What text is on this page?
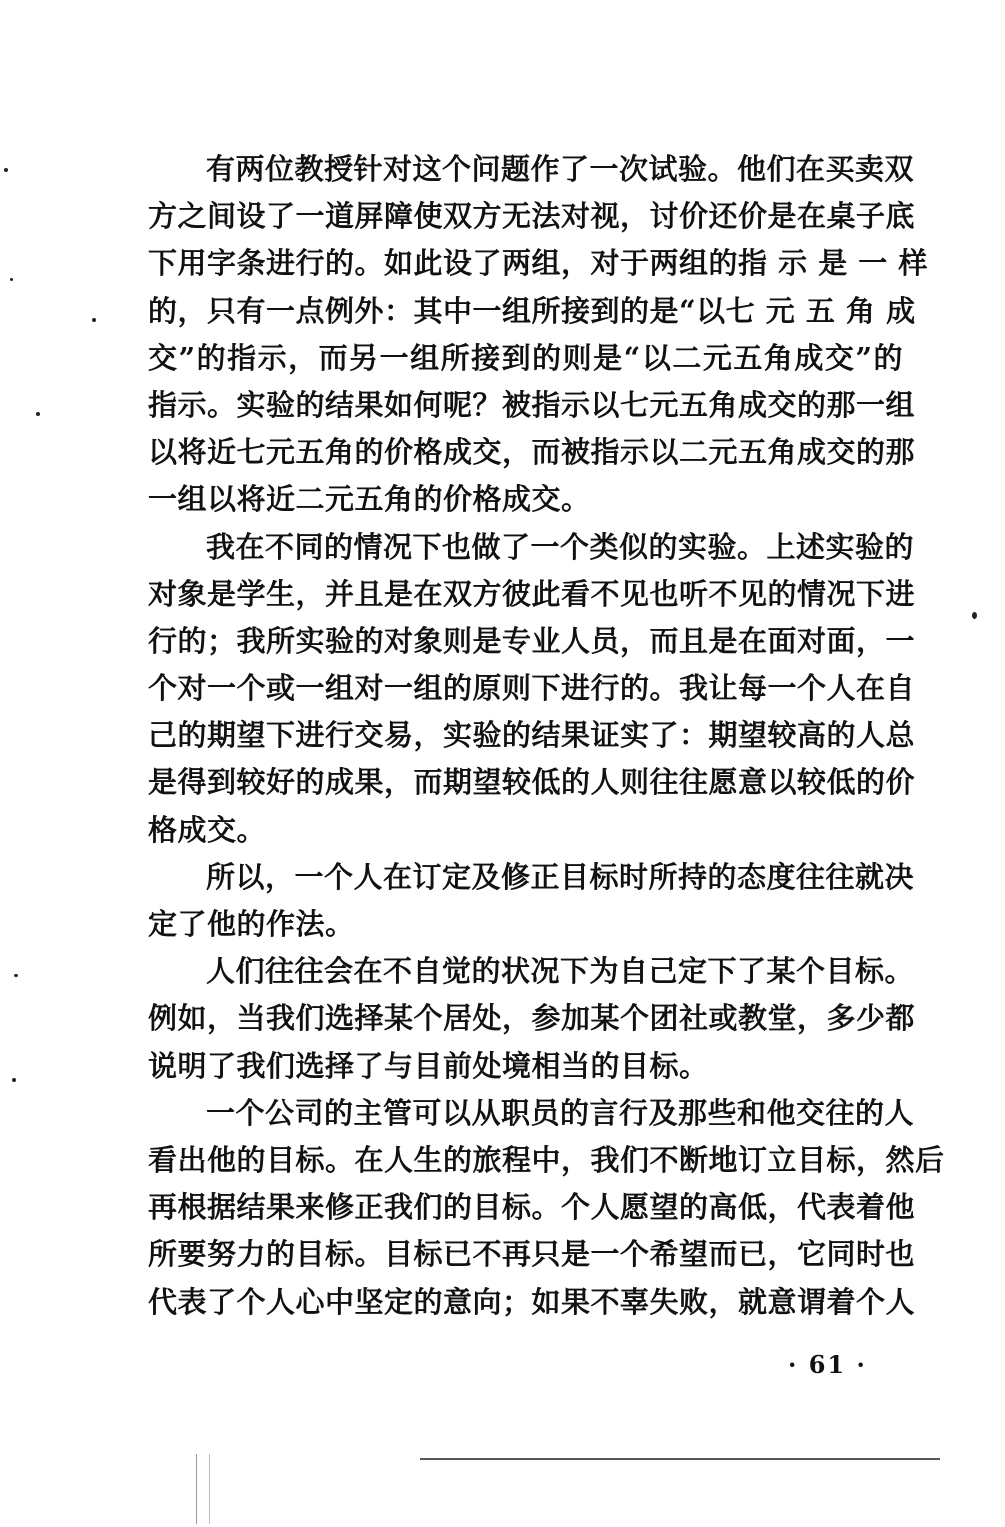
有两位教授针对这个问题作了一次试验。他们在买卖双
方之间设了一道屏障使双方无法对视，讨价还价是在桌子底
下用字条进行的。如此设了两组，对于两组的指 示 是 一 样
的，只有一点例外：其中一组所接到的是“以七 元 五 角 成
交”的指示，而另一组所接到的则是“以二元五角成交”的
指示。实验的结果如何呢？被指示以七元五角成交的那一组
以将近七元五角的价格成交，而被指示以二元五角成交的那
一组以将近二元五角的价格成交。
我在不同的情况下也做了一个类似的实验。上述实验的
对象是学生，并且是在双方彼此看不见也听不见的情况下进
行的；我所实验的对象则是专业人员，而且是在面对面，一
个对一个或一组对一组的原则下进行的。我让每一个人在自
己的期望下进行交易，实验的结果证实了：期望较高的人总
是得到较好的成果，而期望较低的人则往往愿意以较低的价
格成交。
所以，一个人在订定及修正目标时所持的态度往往就决
定了他的作法。
人们往往会在不自觉的状况下为自己定下了某个目标。
例如，当我们选择某个居处，参加某个团社或教堂，多少都
说明了我们选择了与目前处境相当的目标。
一个公司的主管可以从职员的言行及那些和他交往的人
看出他的目标。在人生的旅程中，我们不断地订立目标，然后
再根据结果来修正我们的目标。个人愿望的高低，代表着他
所要努力的目标。目标已不再只是一个希望而已，它同时也
代表了个人心中坚定的意向；如果不辜失败，就意谓着个人
· 61 ·
